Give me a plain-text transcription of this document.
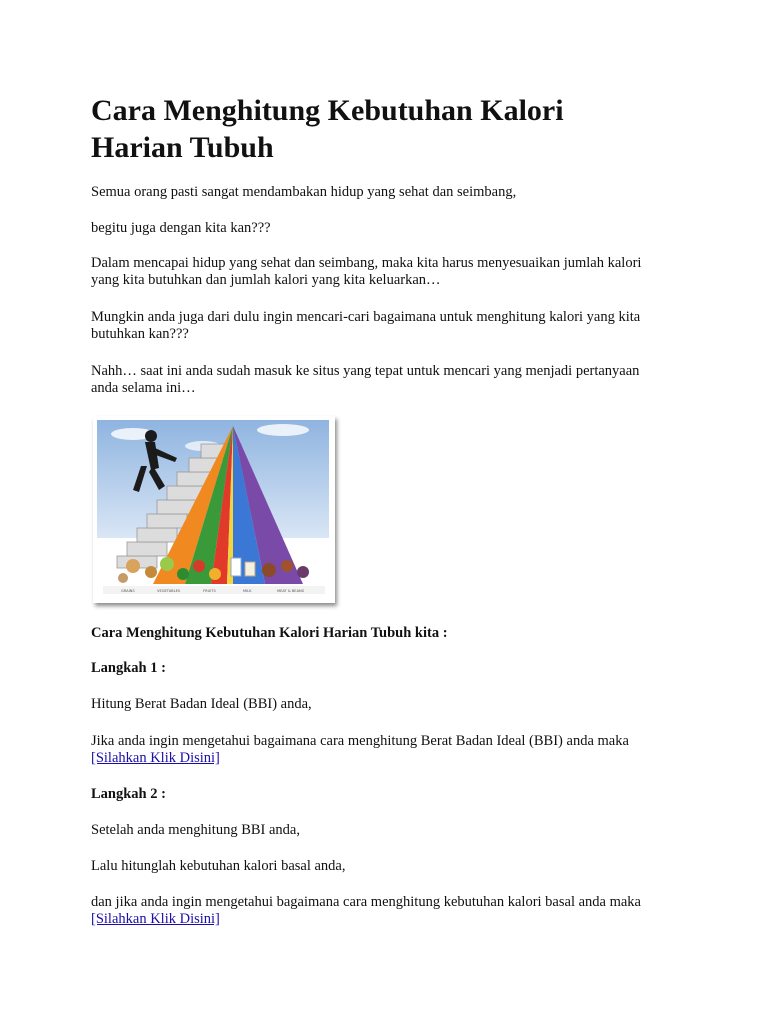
Cara Menghitung Kebutuhan Kalori
Harian Tubuh

Semua orang pasti sangat mendambakan hidup yang sehat dan seimbang,

begitu juga dengan kita kan???

Dalam mencapai hidup yang sehat dan seimbang, maka kita harus menyesuaikan jumlah kalori
yang kita butuhkan dan jumlah kalori yang kita keluarkan…

Mungkin anda juga dari dulu ingin mencari-cari bagaimana untuk menghitung kalori yang kita
butuhkan kan???

Nahh… saat ini anda sudah masuk ke situs yang tepat untuk mencari yang menjadi pertanyaan
anda selama ini…

GRAINS	VEGETABLES	FRUITS	MILK	MEAT & BEANS

Cara Menghitung Kebutuhan Kalori Harian Tubuh kita :

Langkah 1 :

Hitung Berat Badan Ideal (BBI) anda,

Jika anda ingin mengetahui bagaimana cara menghitung Berat Badan Ideal (BBI) anda maka
[Silahkan Klik Disini]

Langkah 2 :

Setelah anda menghitung BBI anda,

Lalu hitunglah kebutuhan kalori basal anda,

dan jika anda ingin mengetahui bagaimana cara menghitung kebutuhan kalori basal anda maka
[Silahkan Klik Disini]
